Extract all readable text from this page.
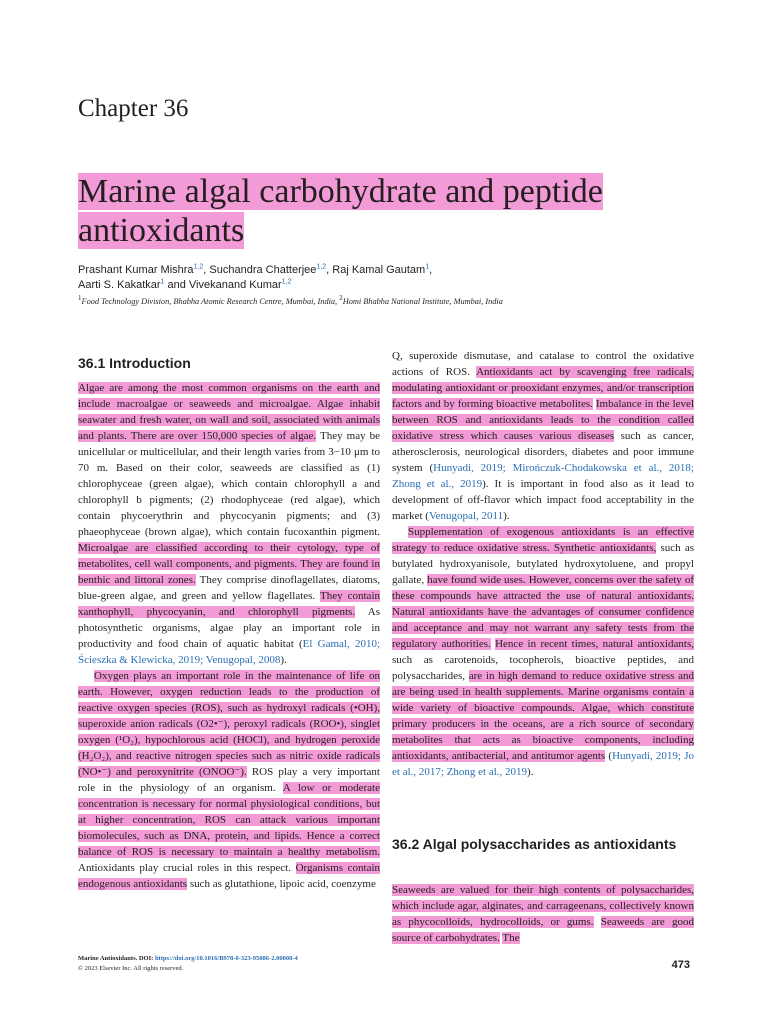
Chapter 36
Marine algal carbohydrate and peptide
antioxidants
Prashant Kumar Mishra$^{1,2}$, Suchandra Chatterjee$^{1,2}$, Raj Kamal Gautam$^1$,
Aarti S. Kakatkar$^1$ and Vivekanand Kumar$^{1,2}$
$^1$Food Technology Division, Bhabha Atomic Research Centre, Mumbai, India, $^2$Homi Bhabha National Institute, Mumbai, India
36.1 Introduction

Algae are among the most common organisms on the earth and include macroalgae or seaweeds and microalgae. Algae inhabit seawater and fresh water, on wall and soil, associated with animals and plants. There are over 150,000 species of algae. They may be unicellular or multicellular, and their length varies from 3−10 μm to 70 m. Based on their color, seaweeds are classified as (1) chlorophyceae (green algae), which contain chlorophyll a and chlorophyll b pigments; (2) rhodophyceae (red algae), which contain phycoerythrin and phycocyanin pigments; and (3) phaeophyceae (brown algae), which contain fucoxanthin pigment. Microalgae are classified according to their cytology, type of metabolites, cell wall components, and pigments. They are found in benthic and littoral zones. They comprise dinoflagellates, diatoms, blue-green algae, and green and yellow flagellates. They contain xanthophyll, phycocyanin, and chlorophyll pigments. As photosynthetic organisms, algae play an important role in productivity and food chain of aquatic habitat (El Gamal, 2010; Ścieszka & Klewicka, 2019; Venugopal, 2008).

Oxygen plays an important role in the maintenance of life on earth. However, oxygen reduction leads to the production of reactive oxygen species (ROS), such as hydroxyl radicals (•OH), superoxide anion radicals (O2•⁻), peroxyl radicals (ROO•), singlet oxygen (¹O₂), hypochlorous acid (HOCl), and hydrogen peroxide (H₂O₂), and reactive nitrogen species such as nitric oxide radicals (NO•⁻) and peroxynitrite (ONOO⁻). ROS play a very important role in the physiology of an organism. A low or moderate concentration is necessary for normal physiological conditions, but at higher concentration, ROS can attack various important biomolecules, such as DNA, protein, and lipids. Hence a correct balance of ROS is necessary to maintain a healthy metabolism. Antioxidants play crucial roles in this respect. Organisms contain endogenous antioxidants such as glutathione, lipoic acid, coenzyme

Q, superoxide dismutase, and catalase to control the oxidative actions of ROS. Antioxidants act by scavenging free radicals, modulating antioxidant or prooxidant enzymes, and/or transcription factors and by forming bioactive metabolites. Imbalance in the level between ROS and antioxidants leads to the condition called oxidative stress which causes various diseases such as cancer, atherosclerosis, neurological disorders, diabetes and poor immune system (Hunyadi, 2019; Mirończuk-Chodakowska et al., 2018; Zhong et al., 2019). It is important in food also as it lead to development of off-flavor which impact food acceptability in the market (Venugopal, 2011).

Supplementation of exogenous antioxidants is an effective strategy to reduce oxidative stress. Synthetic antioxidants, such as butylated hydroxyanisole, butylated hydroxytoluene, and propyl gallate, have found wide uses. However, concerns over the safety of these compounds have attracted the use of natural antioxidants. Natural antioxidants have the advantages of consumer confidence and acceptance and may not warrant any safety tests from the regulatory authorities. Hence in recent times, natural antioxidants, such as carotenoids, tocopherols, bioactive peptides, and polysaccharides, are in high demand to reduce oxidative stress and are being used in health supplements. Marine organisms contain a wide variety of bioactive compounds. Algae, which constitute primary producers in the oceans, are a rich source of secondary metabolites that acts as bioactive components, including antioxidants, antibacterial, and antitumor agents (Hunyadi, 2019; Jo et al., 2017; Zhong et al., 2019).

36.2 Algal polysaccharides as antioxidants

Seaweeds are valued for their high contents of polysaccharides, which include agar, alginates, and carrageenans, collectively known as phycocolloids, hydrocolloids, or gums. Seaweeds are good source of carbohydrates. The

Marine Antioxidants. DOI: https://doi.org/10.1016/B978-0-323-95086-2.00008-4
© 2023 Elsevier Inc. All rights reserved.	473
